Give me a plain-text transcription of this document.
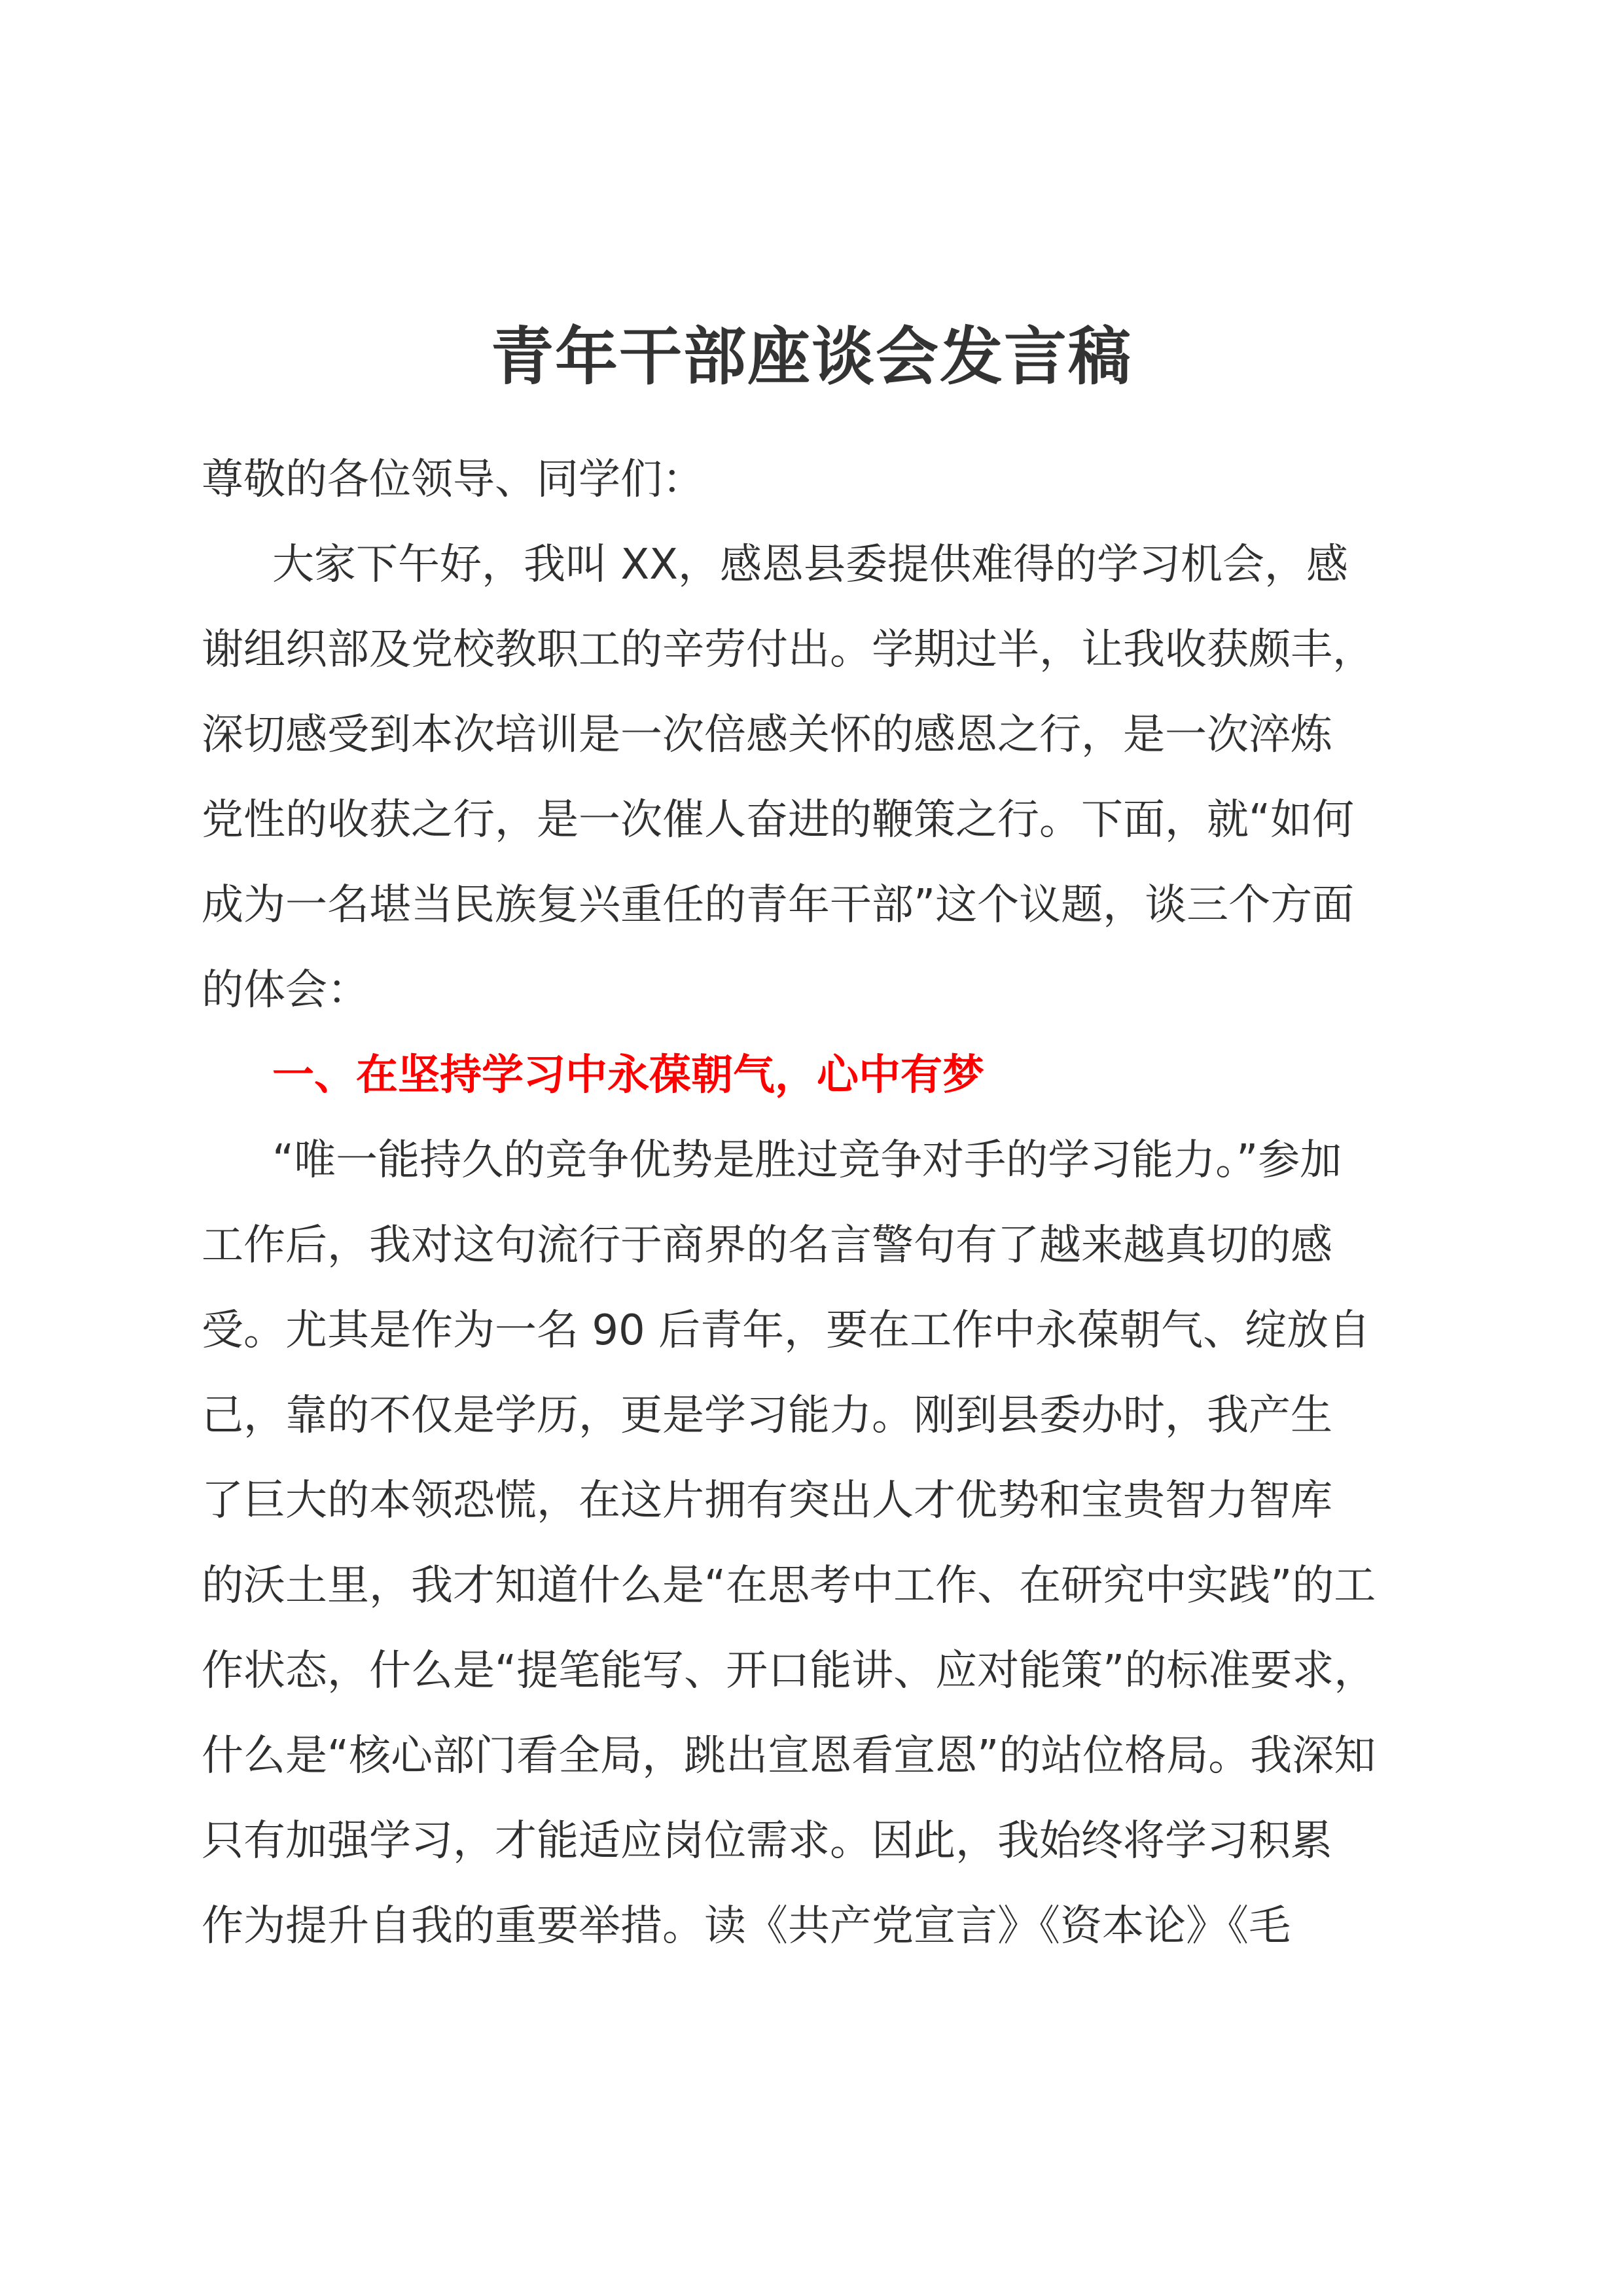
青年干部座谈会发言稿
尊敬的各位领导、同学们：
大家下午好，我叫 XX，感恩县委提供难得的学习机会，感
谢组织部及党校教职工的辛劳付出。学期过半，让我收获颇丰，
深切感受到本次培训是一次倍感关怀的感恩之行，是一次淬炼
党性的收获之行，是一次催人奋进的鞭策之行。下面，就“如何
成为一名堪当民族复兴重任的青年干部”这个议题，谈三个方面
的体会：
一、在坚持学习中永葆朝气，心中有梦
“唯一能持久的竞争优势是胜过竞争对手的学习能力。”参加
工作后，我对这句流行于商界的名言警句有了越来越真切的感
受。尤其是作为一名 90 后青年，要在工作中永葆朝气、绽放自
己，靠的不仅是学历，更是学习能力。刚到县委办时，我产生
了巨大的本领恐慌，在这片拥有突出人才优势和宝贵智力智库
的沃土里，我才知道什么是“在思考中工作、在研究中实践”的工
作状态，什么是“提笔能写、开口能讲、应对能策”的标准要求，
什么是“核心部门看全局，跳出宣恩看宣恩”的站位格局。我深知
只有加强学习，才能适应岗位需求。因此，我始终将学习积累
作为提升自我的重要举措。读《共产党宣言》《资本论》《毛
